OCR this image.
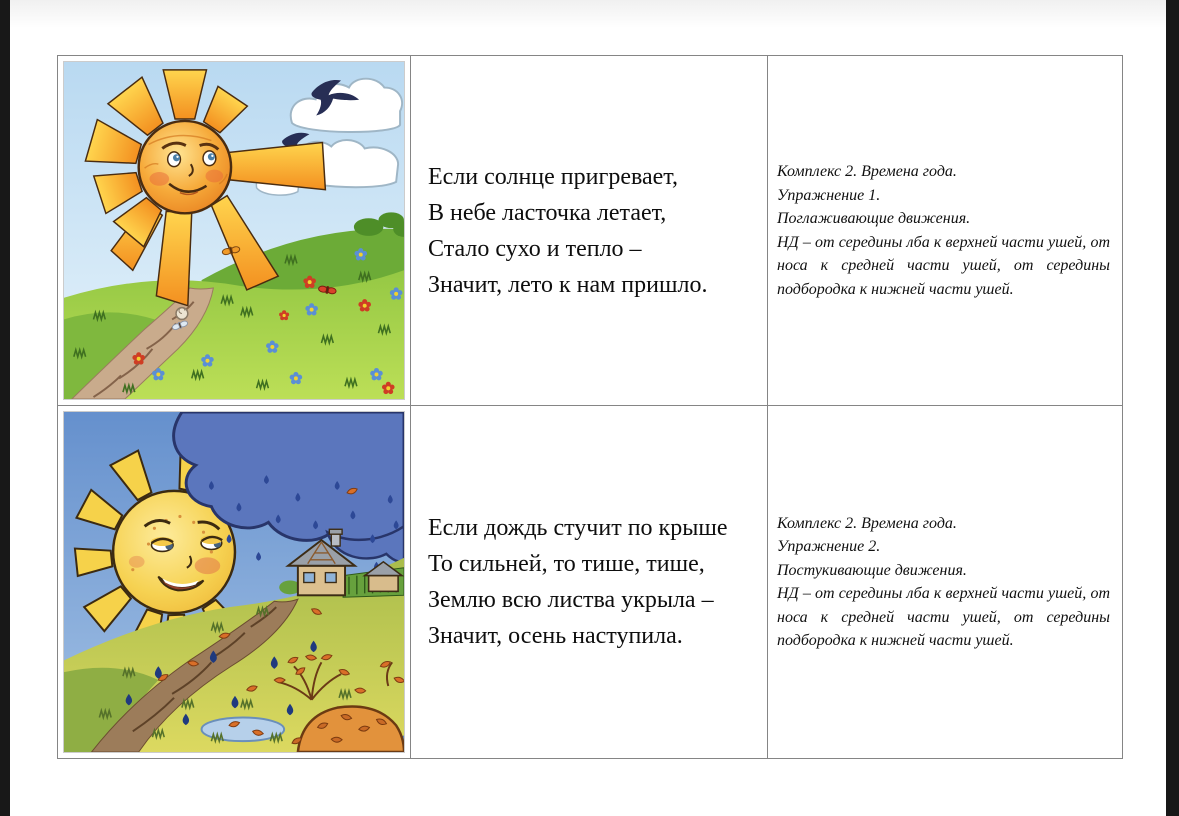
Если солнце пригревает,
В небе ласточка летает,
Стало сухо и тепло –
Значит, лето к нам пришло.
Комплекс 2. Времена года.
Упражнение 1.
Поглаживающие движения.
НД – от середины лба к верхней части ушей, от носа к средней части ушей, от середины подбородка к нижней части ушей.
Если дождь стучит по крыше
То сильней, то тише, тише,
Землю всю листва укрыла –
Значит, осень наступила.
Комплекс 2. Времена года.
Упражнение 2.
Постукивающие движения.
НД – от середины лба к верхней части ушей, от носа к средней части ушей, от середины подбородка к нижней части ушей.
